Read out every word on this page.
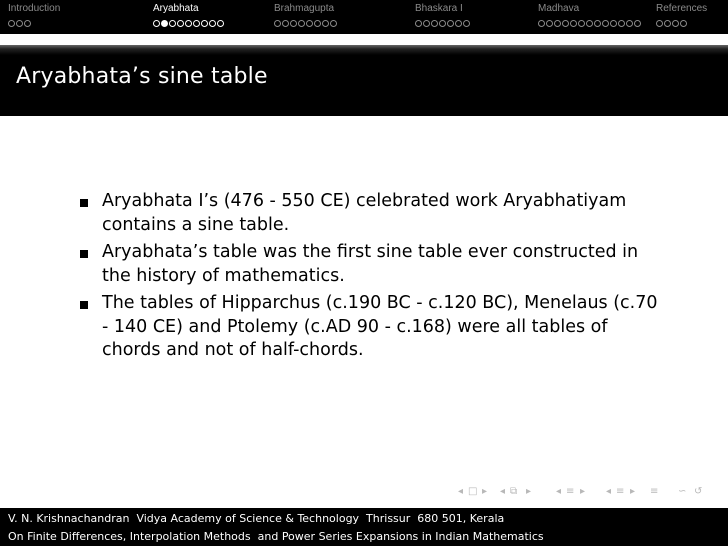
Introduction	Aryabhata	Brahmagupta	Bhaskara I	Madhava	References
Aryabhata’s sine table
Aryabhata I’s (476 - 550 CE) celebrated work Aryabhatiyam contains a sine table.
Aryabhata’s table was the first sine table ever constructed in the history of mathematics.
The tables of Hipparchus (c.190 BC - c.120 BC), Menelaus (c.70 - 140 CE) and Ptolemy (c.AD 90 - c.168) were all tables of chords and not of half-chords.
◂ □ ▸ ◂ ⧉ ▸ ◂ ≡ ▸ ◂ ≡ ▸ ≡ ∽ ↺
V. N. Krishnachandran  Vidya Academy of Science & Technology  Thrissur  680 501, Kerala
On Finite Differences, Interpolation Methods  and Power Series Expansions in Indian Mathematics
